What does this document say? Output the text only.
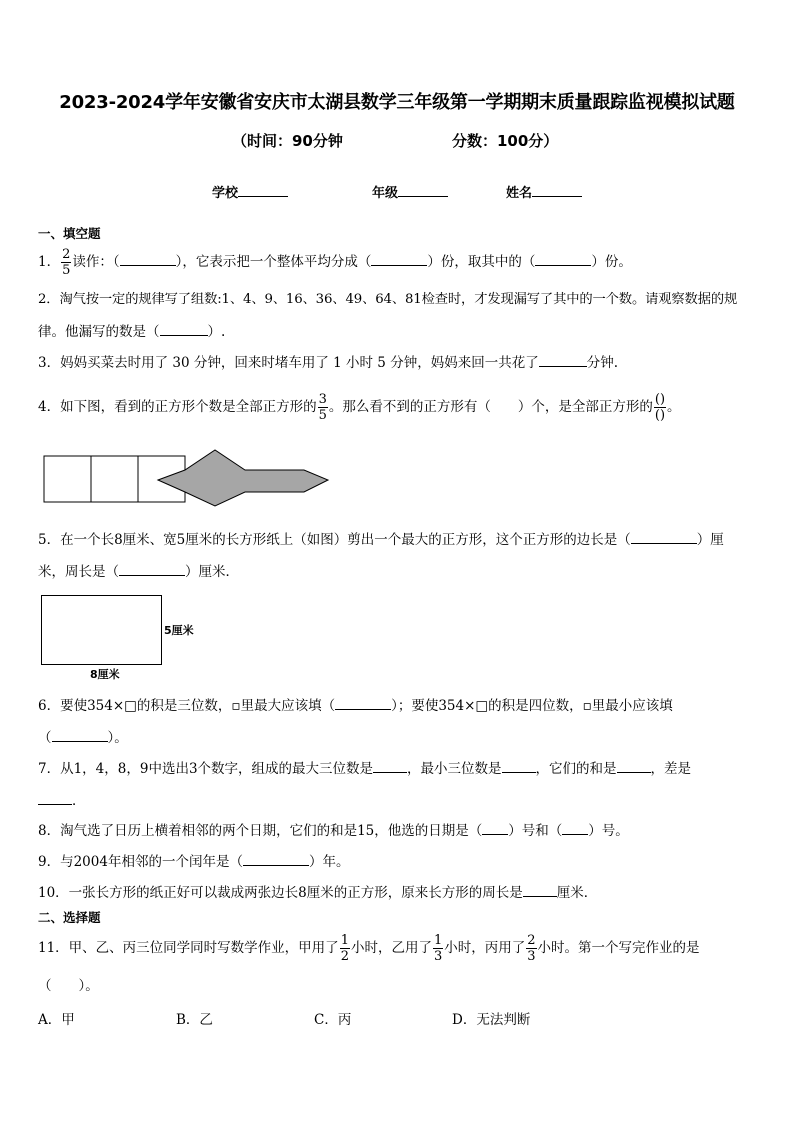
2023-2024学年安徽省安庆市太湖县数学三年级第一学期期末质量跟踪监视模拟试题
（时间：90分钟	分数：100分）
学校	年级	姓名
一、填空题
1． $\frac{2}{5}$ 读作：（	），它表示把一个整体平均分成（	）份，取其中的（	）份。
2．淘气按一定的规律写了组数:1、4、9、16、36、49、64、81检查时，才发现漏写了其中的一个数。请观察数据的规
律。他漏写的数是（	）.
3．妈妈买菜去时用了 30 分钟，回来时堵车用了 1 小时 5 分钟，妈妈来回一共花了	分钟.
4．如下图，看到的正方形个数是全部正方形的 $\frac{3}{5}$ 。那么看不到的正方形有（　　）个，是全部正方形的 $\frac{()}{()}$ 。
5．在一个长8厘米、宽5厘米的长方形纸上（如图）剪出一个最大的正方形，这个正方形的边长是（	）厘
米，周长是（	）厘米．
5厘米
8厘米
6．要使354×□的积是三位数，▫里最大应该填（	）；要使354×□的积是四位数，▫里最小应该填
（	）。
7．从1，4，8，9中选出3个数字，组成的最大三位数是	，最小三位数是	，它们的和是	，差是
．
8．淘气选了日历上横着相邻的两个日期，它们的和是15，他选的日期是（ ）号和（ ）号。
9．与2004年相邻的一个闰年是（	）年。
10．一张长方形的纸正好可以裁成两张边长8厘米的正方形，原来长方形的周长是	厘米．
二、选择题
11．甲、乙、丙三位同学同时写数学作业，甲用了 $\frac{1}{2}$ 小时，乙用了 $\frac{1}{3}$ 小时，丙用了 $\frac{2}{3}$ 小时。第一个写完作业的是
（　　）。
A．甲	B．乙	C．丙	D．无法判断
